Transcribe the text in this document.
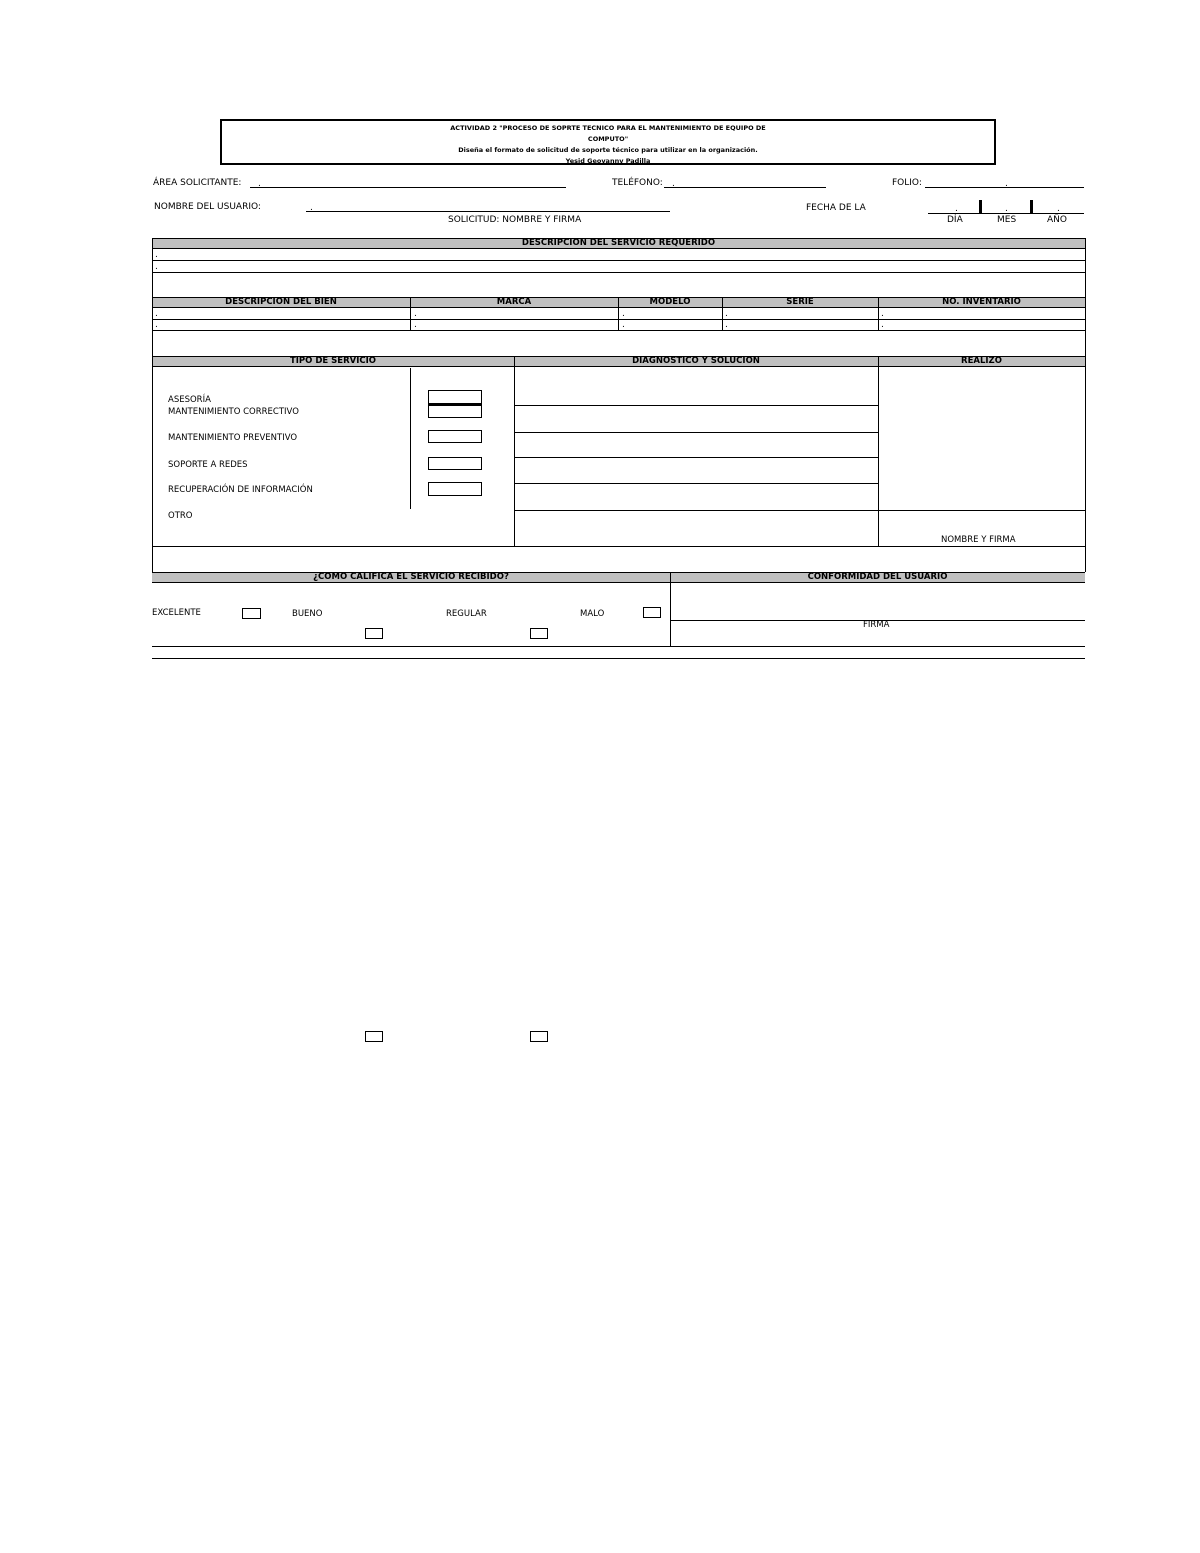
ACTIVIDAD 2 "PROCESO DE SOPRTE TECNICO PARA EL MANTENIMIENTO DE EQUIPO DE
COMPUTO"
Diseña el formato de solicitud de soporte técnico para utilizar en la organización.
Yesid Geovanny Padilla
ÁREA SOLICITANTE: .	TELÉFONO: .	FOLIO:	.
NOMBRE DEL USUARIO:	.	FECHA DE LA	.	.	.
SOLICITUD: NOMBRE Y FIRMA	DÍA	MES	AÑO
DESCRIPCION DEL SERVICIO REQUERIDO
.
.
DESCRIPCION DEL BIEN	MARCA	MODELO	SERIE	NO. INVENTARIO
.	.	.	.	.
.	.	.	.	.
TIPO DE SERVICIO	DIAGNOSTICO Y SOLUCION	REALIZO
ASESORÍA
MANTENIMIENTO CORRECTIVO
MANTENIMIENTO PREVENTIVO
SOPORTE A REDES
RECUPERACIÓN DE INFORMACIÓN
OTRO
NOMBRE Y FIRMA
¿COMO CALIFICA EL SERVICIO RECIBIDO?	CONFORMIDAD DEL USUARIO
EXCELENTE	BUENO	REGULAR	MALO
FIRMA
